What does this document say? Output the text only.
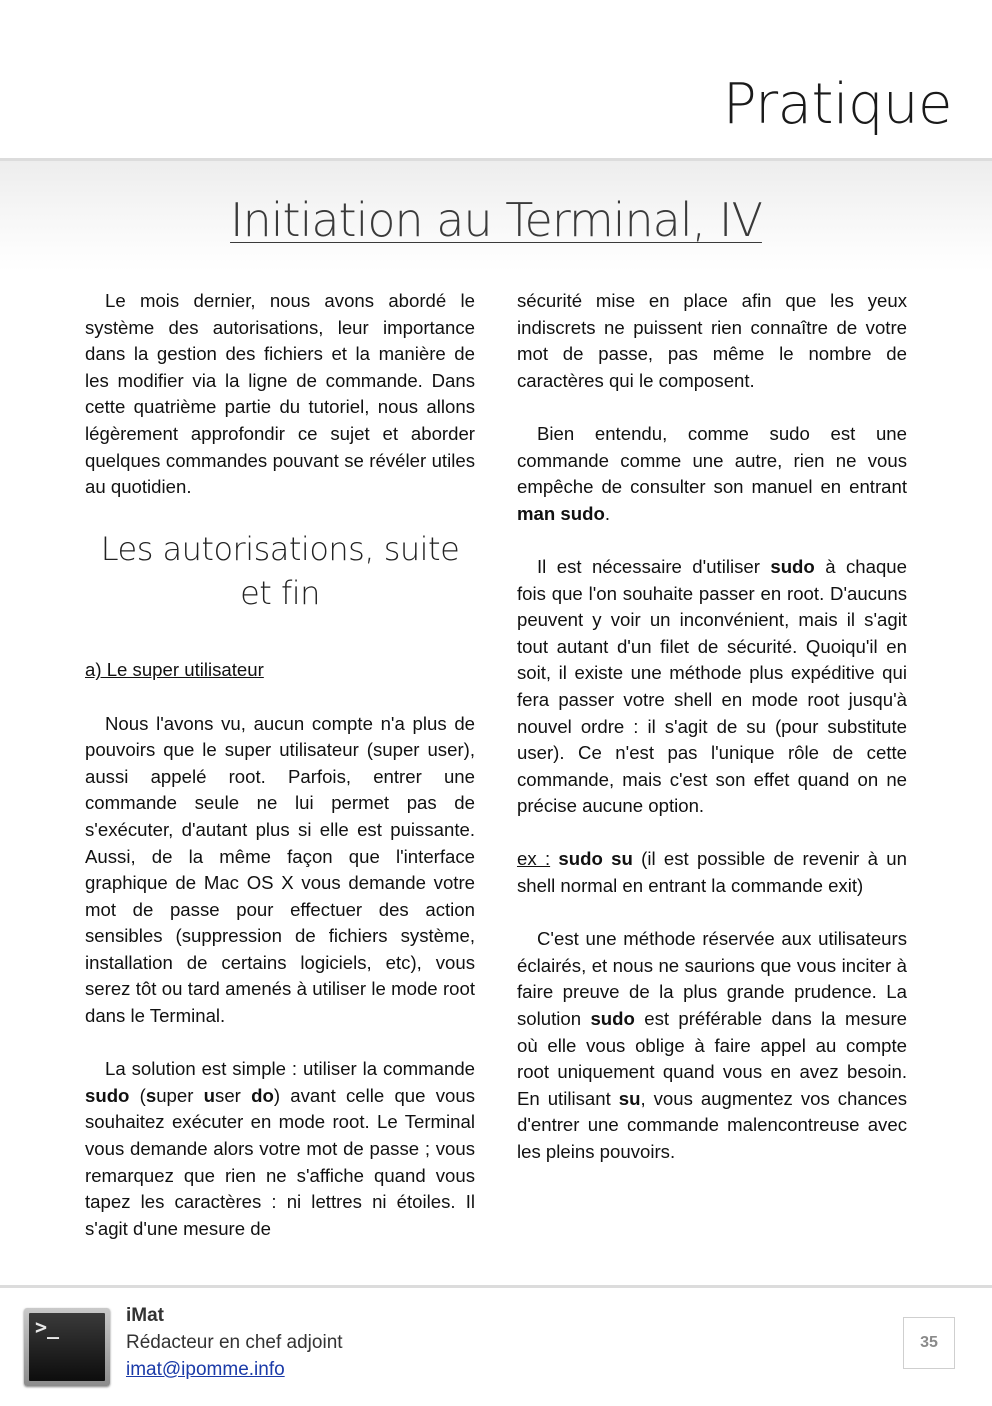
Pratique
Initiation au Terminal, IV

Le mois dernier, nous avons abordé le système des autorisations, leur importance dans la gestion des fichiers et la manière de les modifier via la ligne de commande. Dans cette quatrième partie du tutoriel, nous allons légèrement approfondir ce sujet et aborder quelques commandes pouvant se révéler utiles au quotidien.

Les autorisations, suite et fin

a) Le super utilisateur

Nous l'avons vu, aucun compte n'a plus de pouvoirs que le super utilisateur (super user), aussi appelé root. Parfois, entrer une commande seule ne lui permet pas de s'exécuter, d'autant plus si elle est puissante. Aussi, de la même façon que l'interface graphique de Mac OS X vous demande votre mot de passe pour effectuer des action sensibles (suppression de fichiers système, installation de certains logiciels, etc), vous serez tôt ou tard amenés à utiliser le mode root dans le Terminal.

La solution est simple : utiliser la commande sudo (super user do) avant celle que vous souhaitez exécuter en mode root. Le Terminal vous demande alors votre mot de passe ; vous remarquez que rien ne s'affiche quand vous tapez les caractères : ni lettres ni étoiles. Il s'agit d'une mesure de

sécurité mise en place afin que les yeux indiscrets ne puissent rien connaître de votre mot de passe, pas même le nombre de caractères qui le composent.

Bien entendu, comme sudo est une commande comme une autre, rien ne vous empêche de consulter son manuel en entrant man sudo.

Il est nécessaire d'utiliser sudo à chaque fois que l'on souhaite passer en root. D'aucuns peuvent y voir un inconvénient, mais il s'agit tout autant d'un filet de sécurité. Quoiqu'il en soit, il existe une méthode plus expéditive qui fera passer votre shell en mode root jusqu'à nouvel ordre : il s'agit de su (pour substitute user). Ce n'est pas l'unique rôle de cette commande, mais c'est son effet quand on ne précise aucune option.

ex : sudo su (il est possible de revenir à un shell normal en entrant la commande exit)

C'est une méthode réservée aux utilisateurs éclairés, et nous ne saurions que vous inciter à faire preuve de la plus grande prudence. La solution sudo est préférable dans la mesure où elle vous oblige à faire appel au compte root uniquement quand vous en avez besoin. En utilisant su, vous augmentez vos chances d'entrer une commande malencontreuse avec les pleins pouvoirs.

>_	iMat
Rédacteur en chef adjoint
imat@ipomme.info
35
